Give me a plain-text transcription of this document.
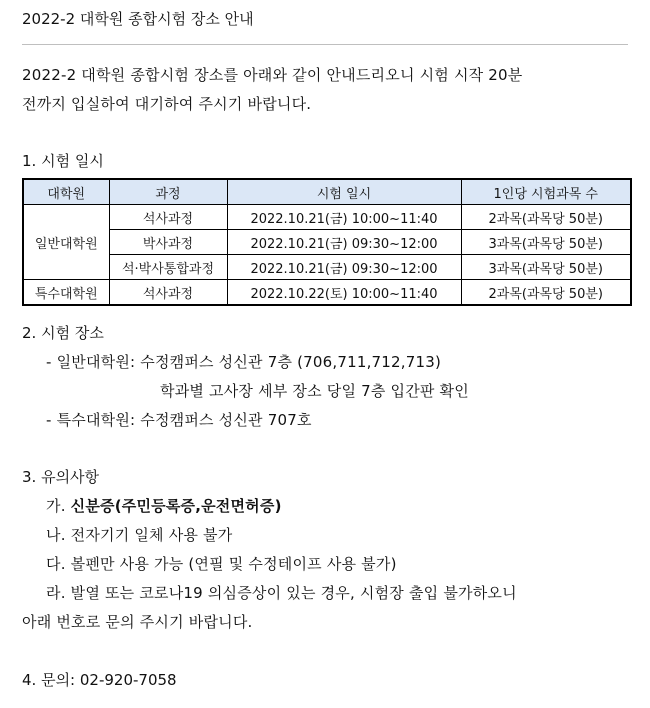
2022-2 대학원 종합시험 장소 안내
2022-2 대학원 종합시험 장소를 아래와 같이 안내드리오니 시험 시작 20분
전까지 입실하여 대기하여 주시기 바랍니다.
1. 시험 일시
대학원	과정	시험 일시	1인당 시험과목 수
일반대학원	석사과정	2022.10.21(금) 10:00~11:40	2과목(과목당 50분)
	박사과정	2022.10.21(금) 09:30~12:00	3과목(과목당 50분)
	석·박사통합과정	2022.10.21(금) 09:30~12:00	3과목(과목당 50분)
특수대학원	석사과정	2022.10.22(토) 10:00~11:40	2과목(과목당 50분)
2. 시험 장소
- 일반대학원: 수정캠퍼스 성신관 7층 (706,711,712,713)
학과별 고사장 세부 장소 당일 7층 입간판 확인
- 특수대학원: 수정캠퍼스 성신관 707호
3. 유의사항
가. 신분증(주민등록증,운전면허증)
나. 전자기기 일체 사용 불가
다. 볼펜만 사용 가능 (연필 및 수정테이프 사용 불가)
라. 발열 또는 코로나19 의심증상이 있는 경우, 시험장 출입 불가하오니
아래 번호로 문의 주시기 바랍니다.
4. 문의: 02-920-7058
